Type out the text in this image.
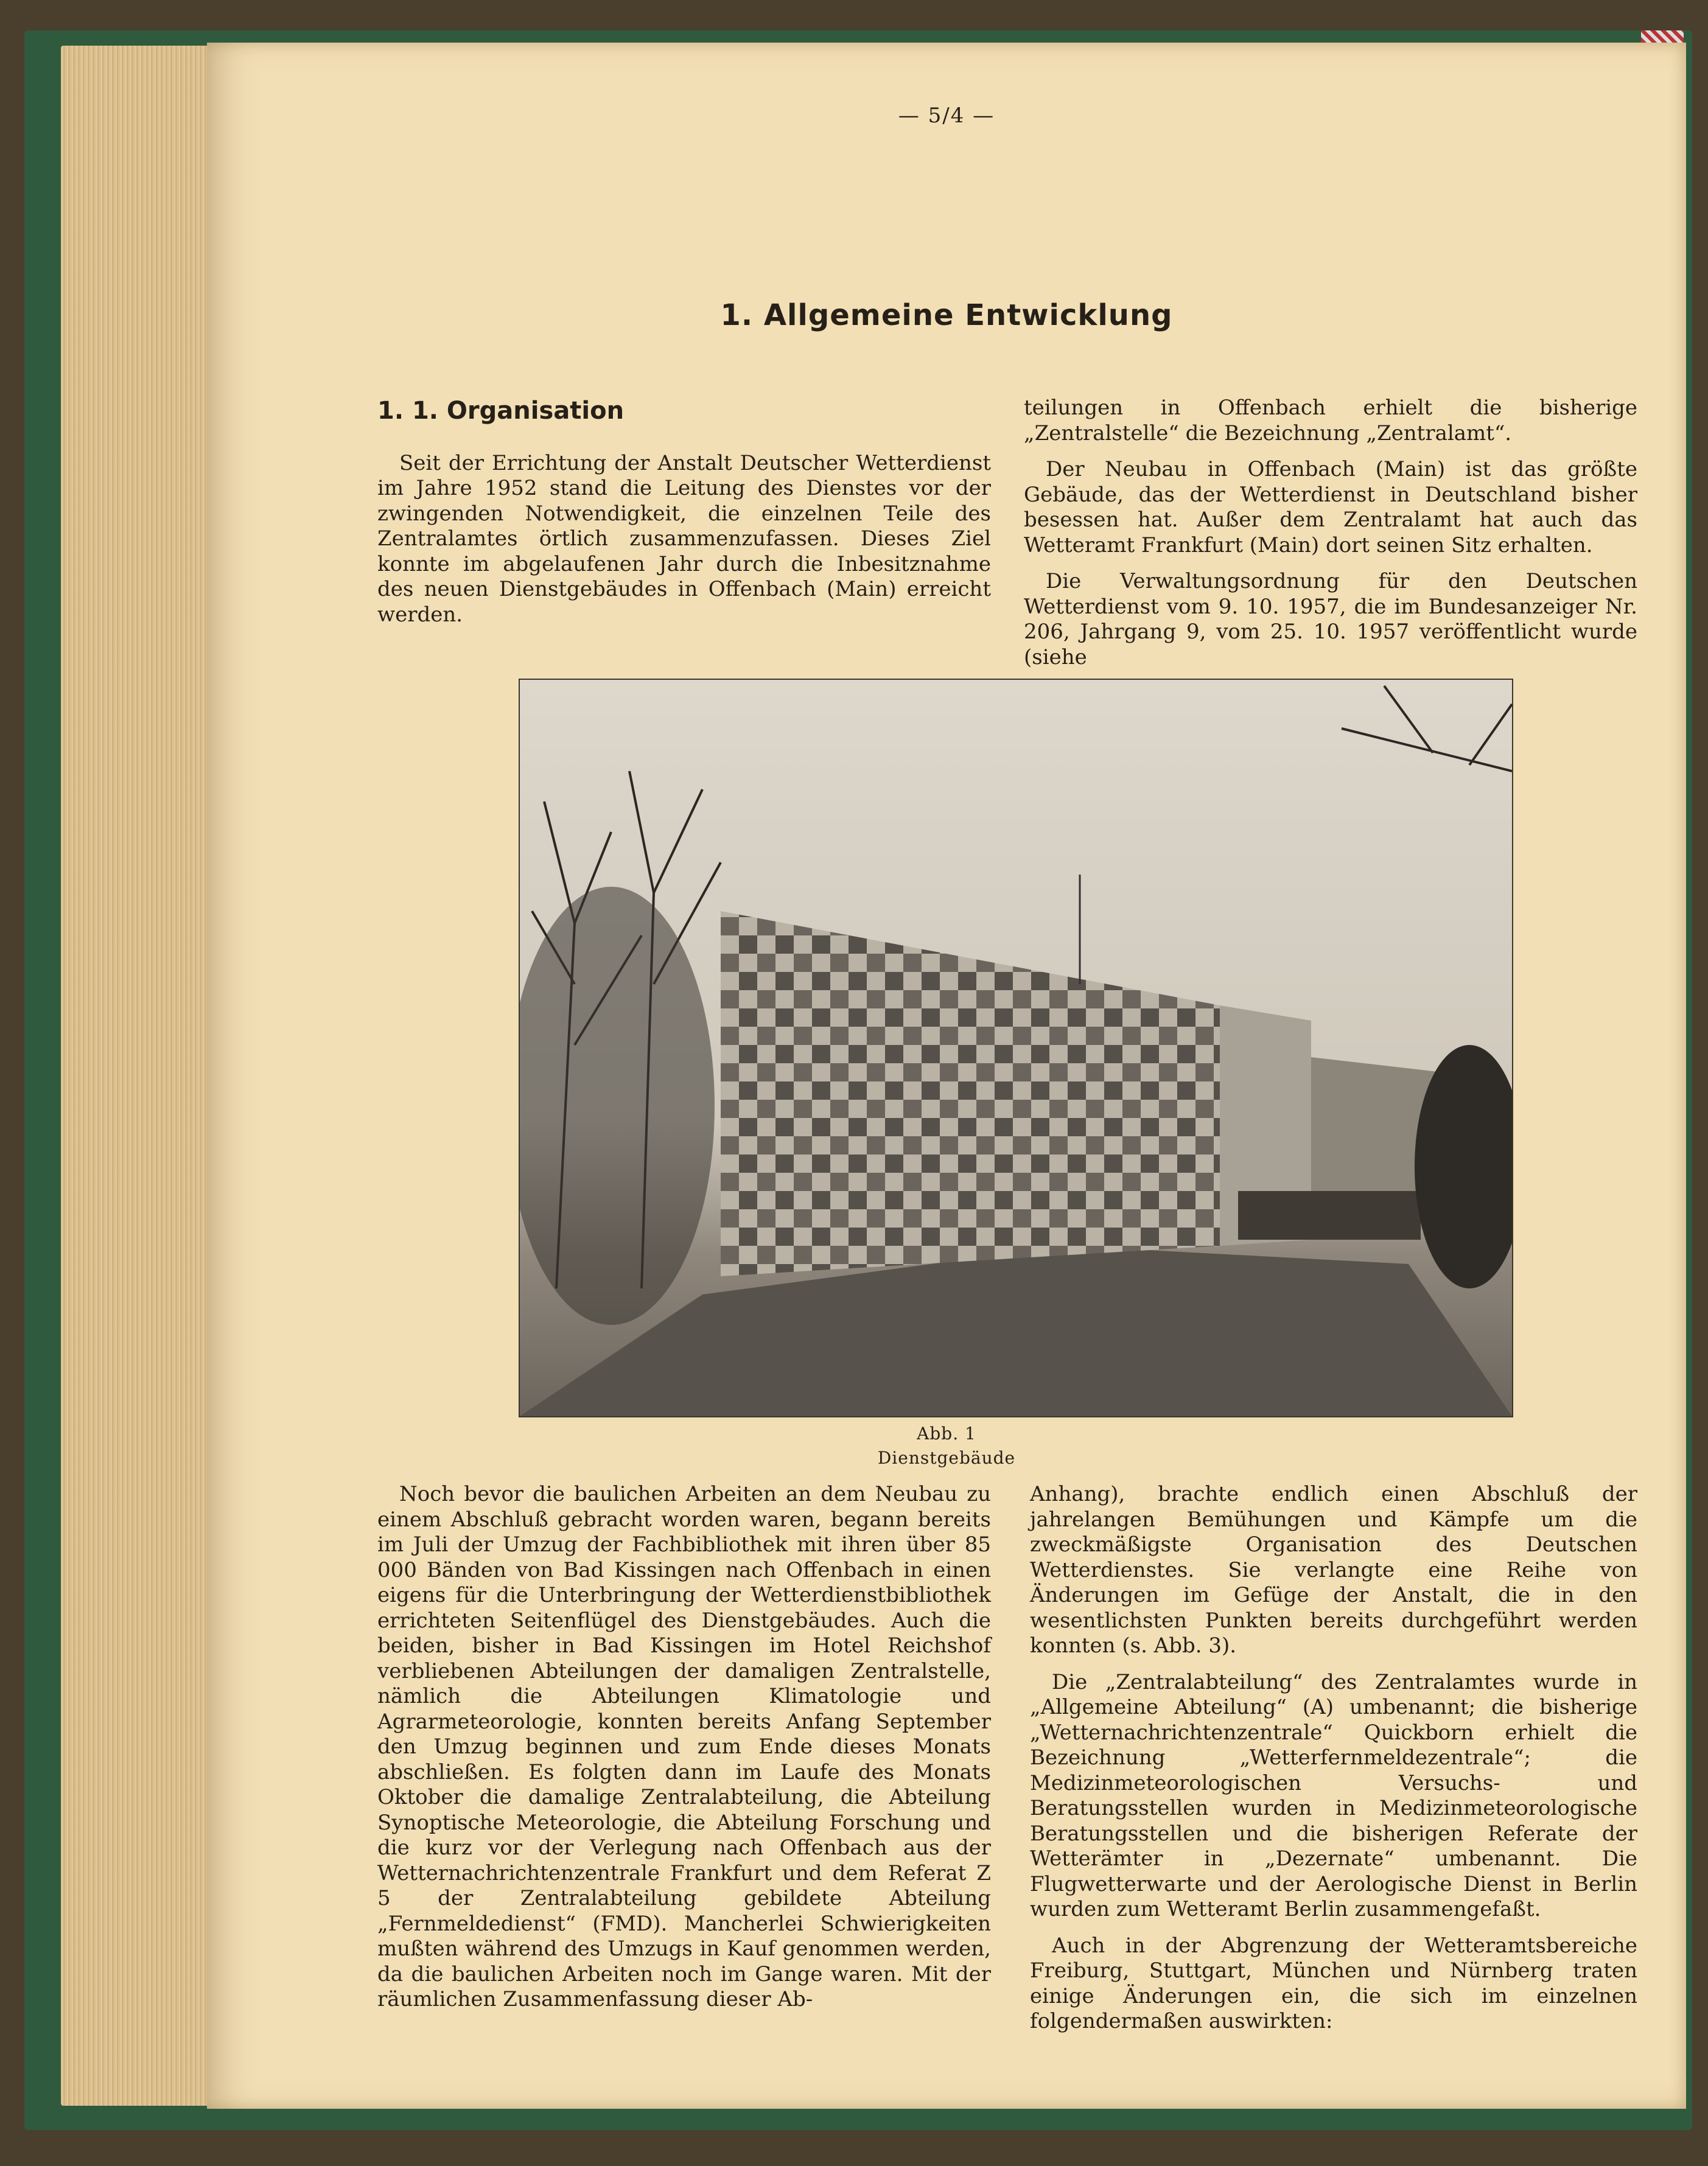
— 5/4 —
1. Allgemeine Entwicklung
1. 1. Organisation

Seit der Errichtung der Anstalt Deutscher Wetterdienst im Jahre 1952 stand die Leitung des Dienstes vor der zwingenden Notwendigkeit, die einzelnen Teile des Zentralamtes örtlich zusammenzufassen. Dieses Ziel konnte im abgelaufenen Jahr durch die Inbesitznahme des neuen Dienstgebäudes in Offenbach (Main) erreicht werden.

teilungen in Offenbach erhielt die bisherige „Zentralstelle“ die Bezeichnung „Zentralamt“.

Der Neubau in Offenbach (Main) ist das größte Gebäude, das der Wetterdienst in Deutschland bisher besessen hat. Außer dem Zentralamt hat auch das Wetteramt Frankfurt (Main) dort seinen Sitz erhalten.

Die Verwaltungsordnung für den Deutschen Wetterdienst vom 9. 10. 1957, die im Bundesanzeiger Nr. 206, Jahrgang 9, vom 25. 10. 1957 veröffentlicht wurde (siehe

Abb. 1
Dienstgebäude

Noch bevor die baulichen Arbeiten an dem Neubau zu einem Abschluß gebracht worden waren, begann bereits im Juli der Umzug der Fachbibliothek mit ihren über 85 000 Bänden von Bad Kissingen nach Offenbach in einen eigens für die Unterbringung der Wetterdienstbibliothek errichteten Seitenflügel des Dienstgebäudes. Auch die beiden, bisher in Bad Kissingen im Hotel Reichshof verbliebenen Abteilungen der damaligen Zentralstelle, nämlich die Abteilungen Klimatologie und Agrarmeteorologie, konnten bereits Anfang September den Umzug beginnen und zum Ende dieses Monats abschließen. Es folgten dann im Laufe des Monats Oktober die damalige Zentralabteilung, die Abteilung Synoptische Meteorologie, die Abteilung Forschung und die kurz vor der Verlegung nach Offenbach aus der Wetternachrichtenzentrale Frankfurt und dem Referat Z 5 der Zentralabteilung gebildete Abteilung „Fernmeldedienst“ (FMD). Mancherlei Schwierigkeiten mußten während des Umzugs in Kauf genommen werden, da die baulichen Arbeiten noch im Gange waren. Mit der räumlichen Zusammenfassung dieser Ab-

Anhang), brachte endlich einen Abschluß der jahrelangen Bemühungen und Kämpfe um die zweckmäßigste Organisation des Deutschen Wetterdienstes. Sie verlangte eine Reihe von Änderungen im Gefüge der Anstalt, die in den wesentlichsten Punkten bereits durchgeführt werden konnten (s. Abb. 3).

Die „Zentralabteilung“ des Zentralamtes wurde in „Allgemeine Abteilung“ (A) umbenannt; die bisherige „Wetternachrichtenzentrale“ Quickborn erhielt die Bezeichnung „Wetterfernmeldezentrale“; die Medizinmeteorologischen Versuchs- und Beratungsstellen wurden in Medizinmeteorologische Beratungsstellen und die bisherigen Referate der Wetterämter in „Dezernate“ umbenannt. Die Flugwetterwarte und der Aerologische Dienst in Berlin wurden zum Wetteramt Berlin zusammengefaßt.

Auch in der Abgrenzung der Wetteramtsbereiche Freiburg, Stuttgart, München und Nürnberg traten einige Änderungen ein, die sich im einzelnen folgendermaßen auswirkten:
